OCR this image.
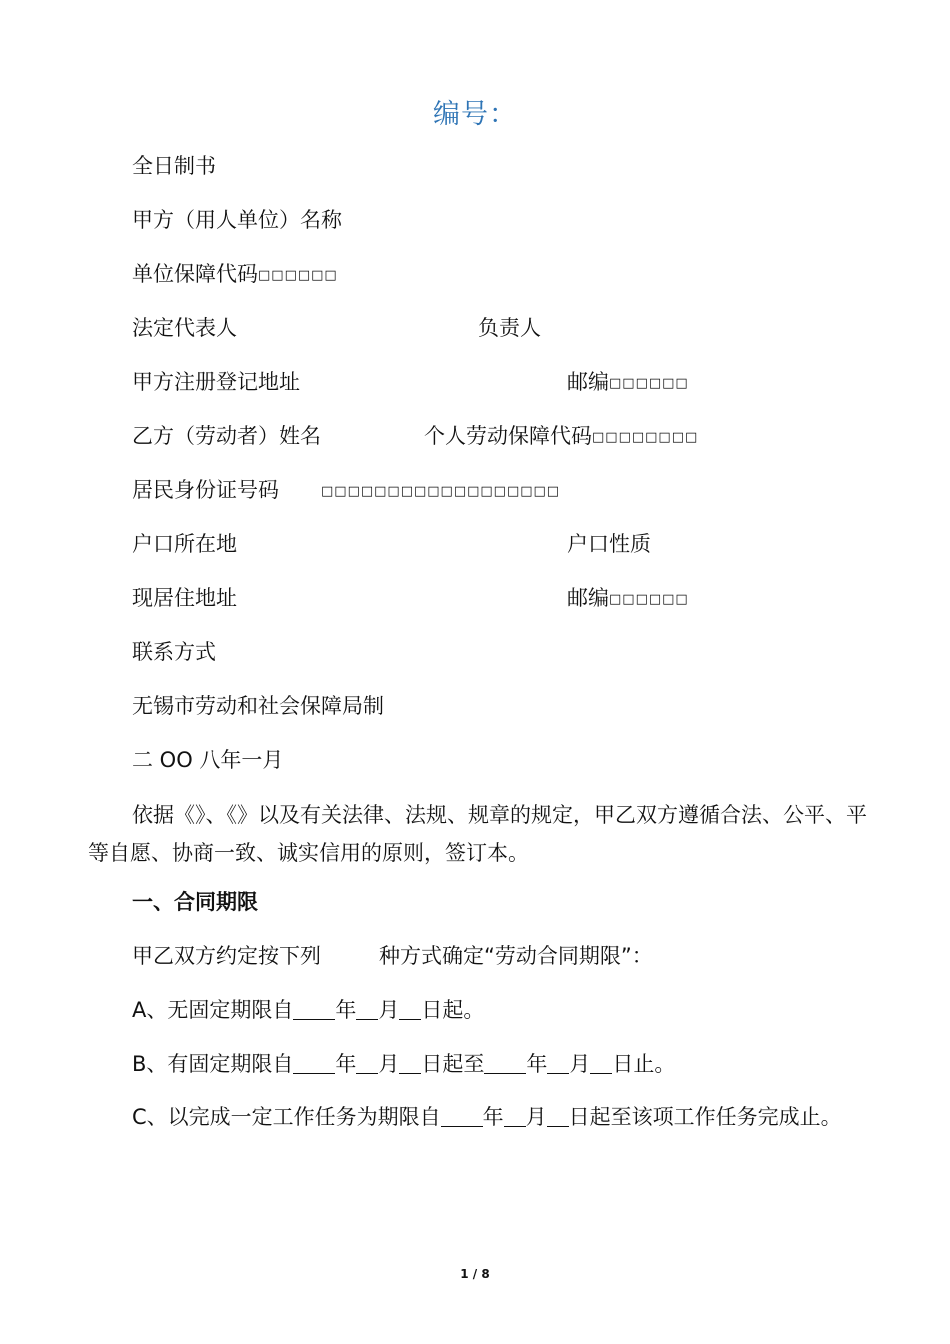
编号：
全日制书
甲方（用人单位）名称
单位保障代码□□□□□□
法定代表人	负责人
甲方注册登记地址	邮编□□□□□□
乙方（劳动者）姓名	个人劳动保障代码□□□□□□□□
居民身份证号码	□□□□□□□□□□□□□□□□□□
户口所在地	户口性质
现居住地址	邮编□□□□□□
联系方式
无锡市劳动和社会保障局制
二 OO 八年一月
依据《》、《》以及有关法律、法规、规章的规定，甲乙双方遵循合法、公平、平等自愿、协商一致、诚实信用的原则，签订本。
一、合同期限
甲乙双方约定按下列	种方式确定“劳动合同期限”：
A、无固定期限自 年 月 日起。
B、有固定期限自 年 月 日起至 年 月 日止。
C、以完成一定工作任务为期限自 年 月 日起至该项工作任务完成止。
1 / 8
